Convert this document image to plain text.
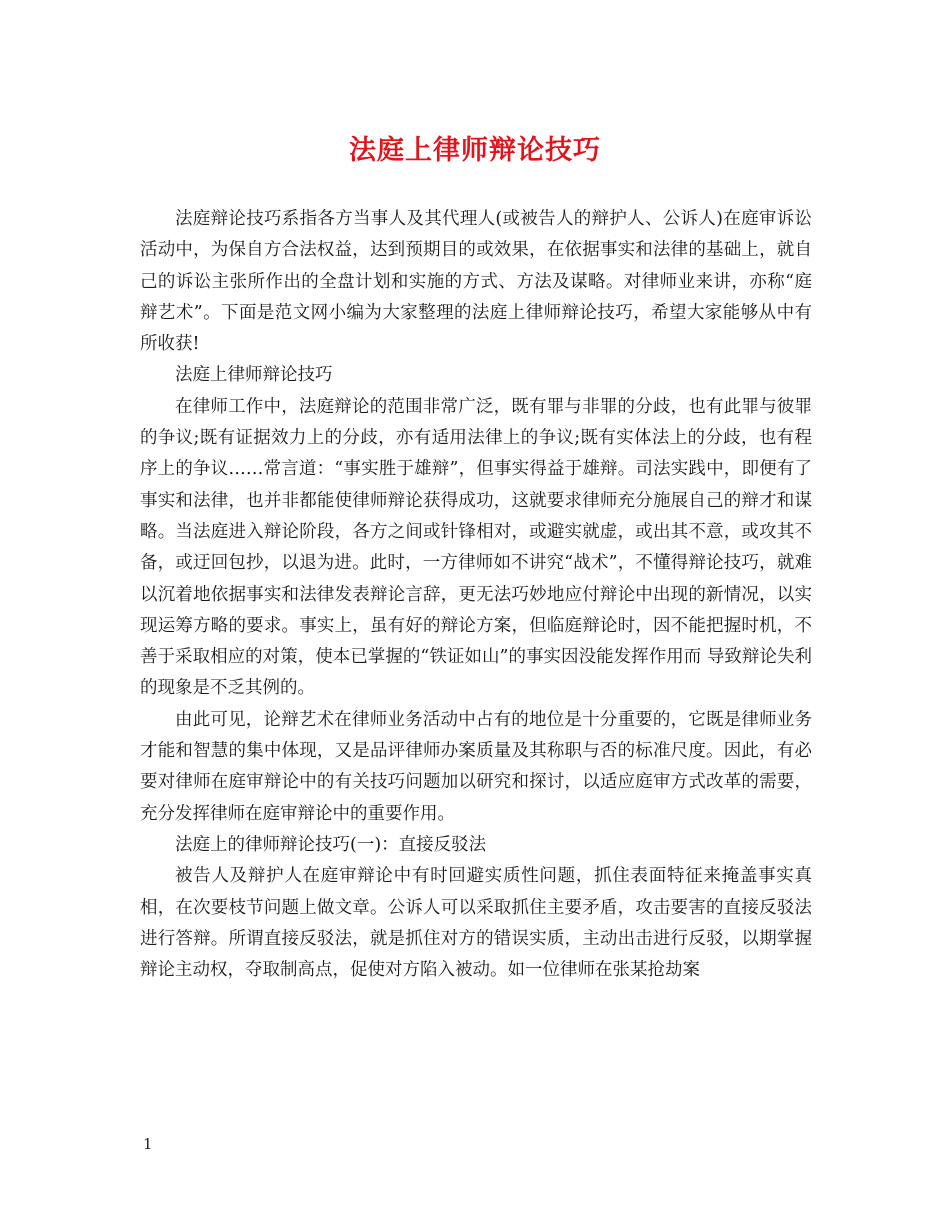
法庭上律师辩论技巧

法庭辩论技巧系指各方当事人及其代理人(或被告人的辩护人、公诉人)在庭审诉讼活动中，为保自方合法权益，达到预期目的或效果，在依据事实和法律的基础上，就自己的诉讼主张所作出的全盘计划和实施的方式、方法及谋略。对律师业来讲，亦称“庭辩艺术”。下面是范文网小编为大家整理的法庭上律师辩论技巧，希望大家能够从中有所收获!

法庭上律师辩论技巧

在律师工作中，法庭辩论的范围非常广泛，既有罪与非罪的分歧，也有此罪与彼罪的争议;既有证据效力上的分歧，亦有适用法律上的争议;既有实体法上的分歧，也有程序上的争议……常言道：“事实胜于雄辩”，但事实得益于雄辩。司法实践中，即便有了事实和法律，也并非都能使律师辩论获得成功，这就要求律师充分施展自己的辩才和谋略。当法庭进入辩论阶段，各方之间或针锋相对，或避实就虚，或出其不意，或攻其不备，或迂回包抄，以退为进。此时，一方律师如不讲究“战术”，不懂得辩论技巧，就难以沉着地依据事实和法律发表辩论言辞，更无法巧妙地应付辩论中出现的新情况，以实现运筹方略的要求。事实上，虽有好的辩论方案，但临庭辩论时，因不能把握时机，不善于采取相应的对策，使本已掌握的“铁证如山”的事实因没能发挥作用而 导致辩论失利的现象是不乏其例的。

由此可见，论辩艺术在律师业务活动中占有的地位是十分重要的，它既是律师业务才能和智慧的集中体现，又是品评律师办案质量及其称职与否的标准尺度。因此，有必要对律师在庭审辩论中的有关技巧问题加以研究和探讨，以适应庭审方式改革的需要，充分发挥律师在庭审辩论中的重要作用。

法庭上的律师辩论技巧(一)：直接反驳法

被告人及辩护人在庭审辩论中有时回避实质性问题，抓住表面特征来掩盖事实真相，在次要枝节问题上做文章。公诉人可以采取抓住主要矛盾，攻击要害的直接反驳法进行答辩。所谓直接反驳法，就是抓住对方的错误实质，主动出击进行反驳，以期掌握辩论主动权，夺取制高点，促使对方陷入被动。如一位律师在张某抢劫案

1
